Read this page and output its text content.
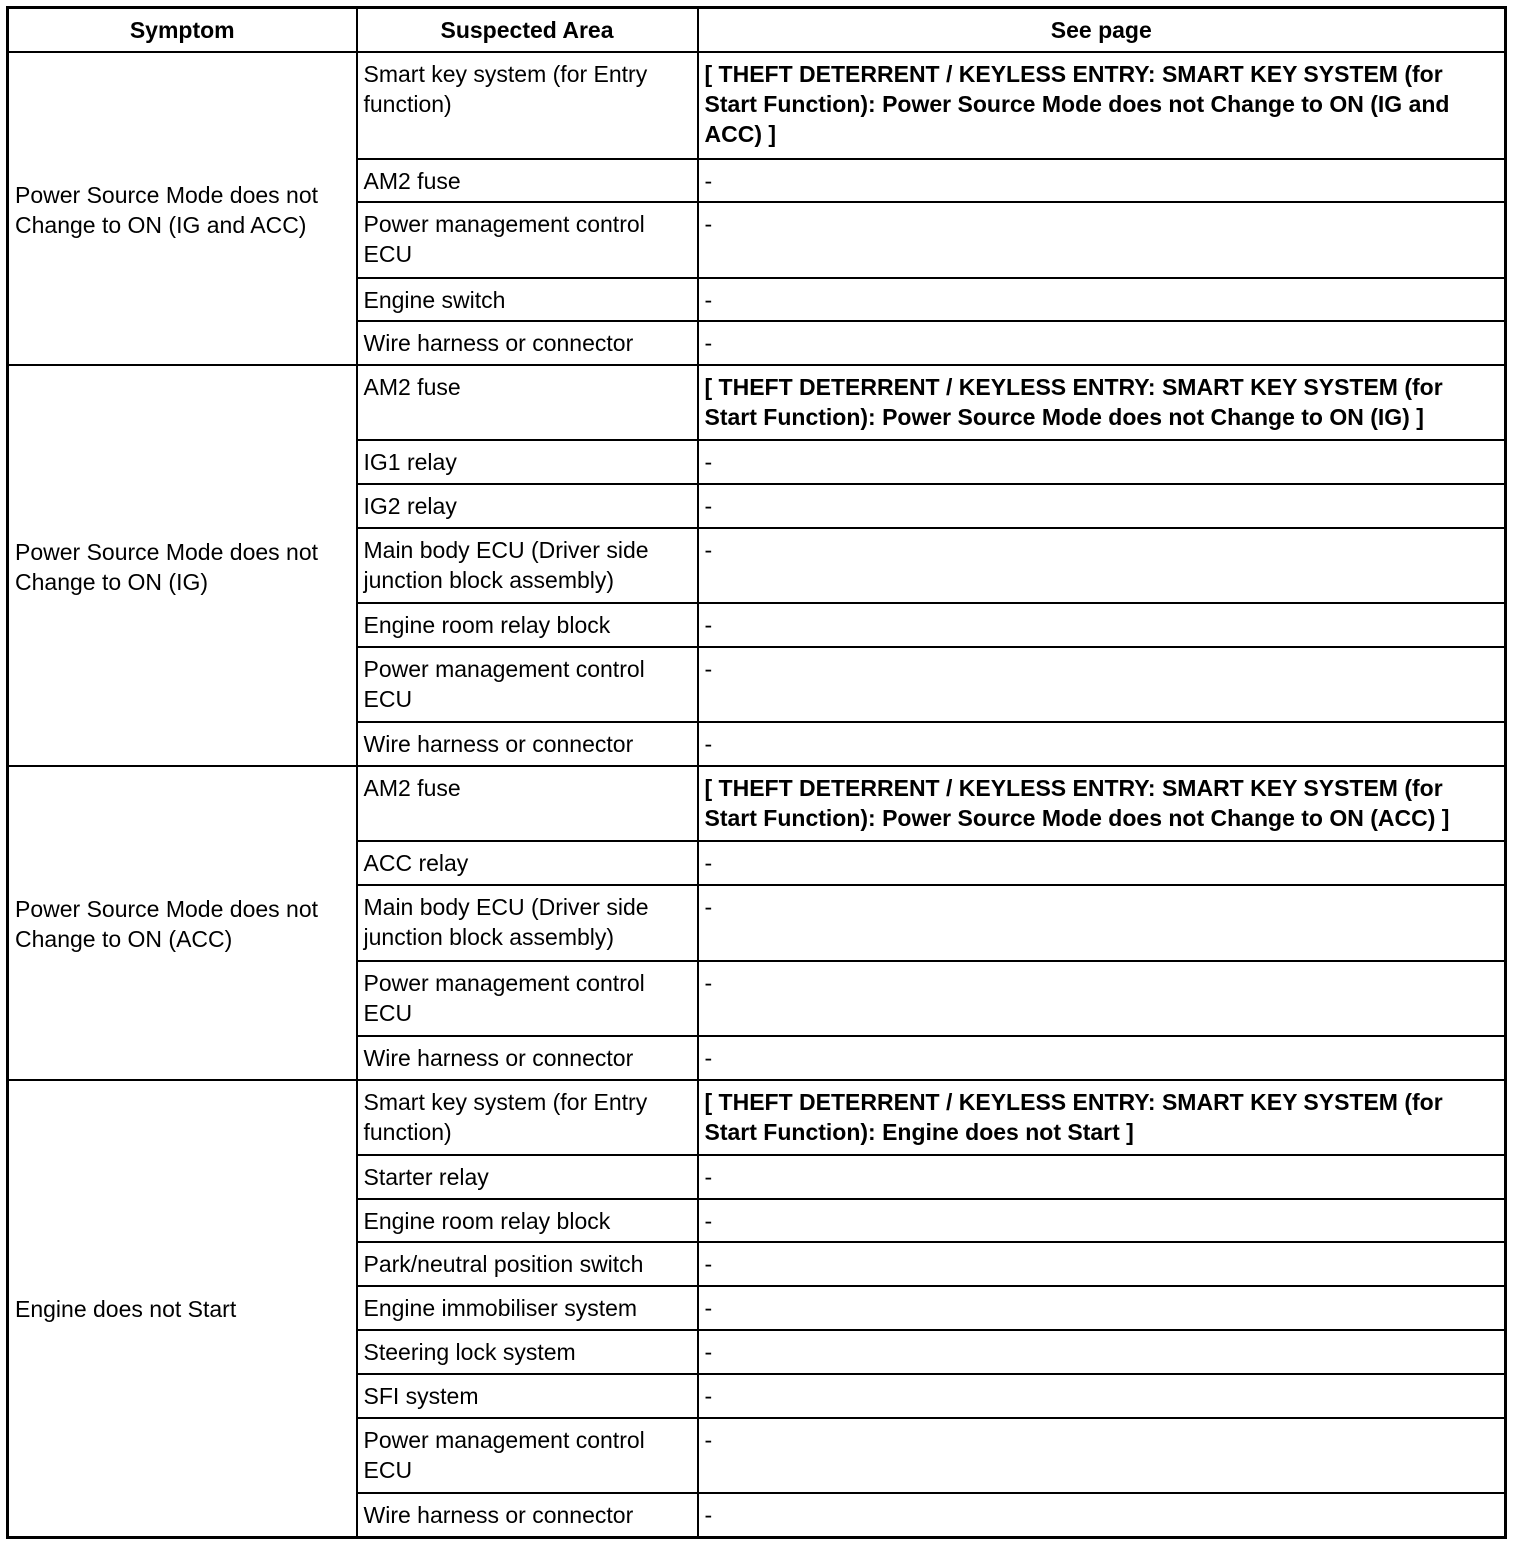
Symptom	Suspected Area	See page
Power Source Mode does not Change to ON (IG and ACC)	Smart key system (for Entry function)	[ THEFT DETERRENT / KEYLESS ENTRY: SMART KEY SYSTEM (for Start Function): Power Source Mode does not Change to ON (IG and ACC) ]
	AM2 fuse	-
	Power management control ECU	-
	Engine switch	-
	Wire harness or connector	-
Power Source Mode does not Change to ON (IG)	AM2 fuse	[ THEFT DETERRENT / KEYLESS ENTRY: SMART KEY SYSTEM (for Start Function): Power Source Mode does not Change to ON (IG) ]
	IG1 relay	-
	IG2 relay	-
	Main body ECU (Driver side junction block assembly)	-
	Engine room relay block	-
	Power management control ECU	-
	Wire harness or connector	-
Power Source Mode does not Change to ON (ACC)	AM2 fuse	[ THEFT DETERRENT / KEYLESS ENTRY: SMART KEY SYSTEM (for Start Function): Power Source Mode does not Change to ON (ACC) ]
	ACC relay	-
	Main body ECU (Driver side junction block assembly)	-
	Power management control ECU	-
	Wire harness or connector	-
Engine does not Start	Smart key system (for Entry function)	[ THEFT DETERRENT / KEYLESS ENTRY: SMART KEY SYSTEM (for Start Function): Engine does not Start ]
	Starter relay	-
	Engine room relay block	-
	Park/neutral position switch	-
	Engine immobiliser system	-
	Steering lock system	-
	SFI system	-
	Power management control ECU	-
	Wire harness or connector	-
